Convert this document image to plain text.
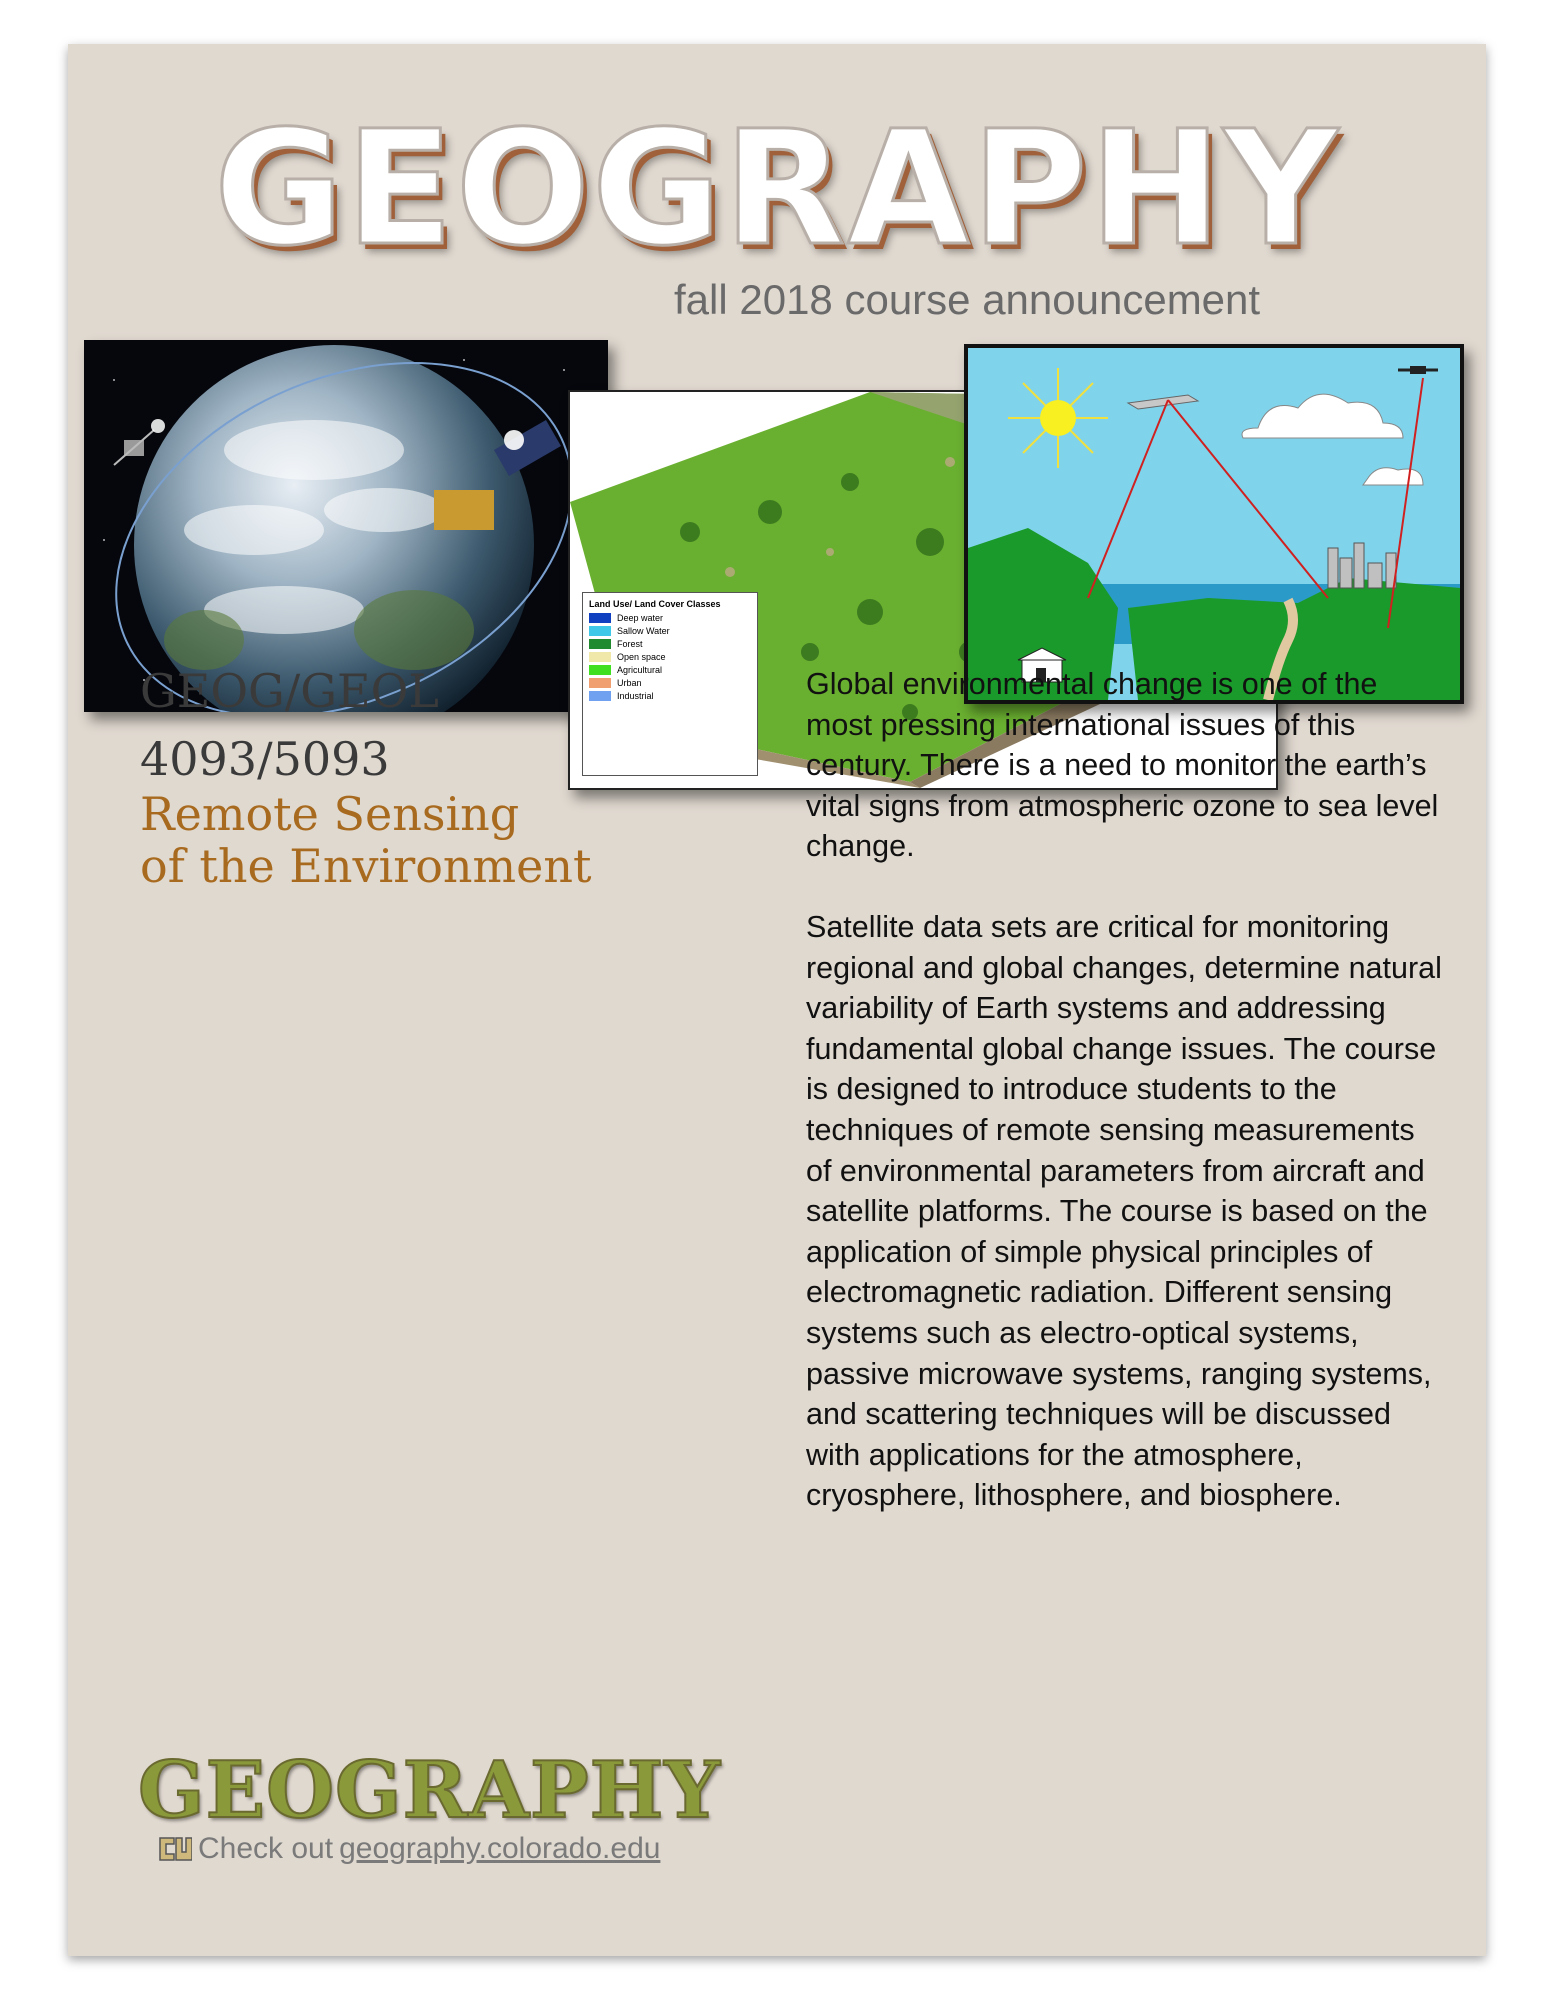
GEOGRAPHY
fall 2018 course announcement
Land Use/ Land Cover Classes
Deep water
Sallow Water
Forest
Open space
Agricultural
Urban
Industrial
GEOG/GEOL
4093/5093
Remote Sensing
of the Environment

Global environmental change is one of the most pressing international issues of this century. There is a need to monitor the earth’s vital signs from atmospheric ozone to sea level change.

Satellite data sets are critical for monitoring regional and global changes, determine natural variability of Earth systems and addressing fundamental global change issues. The course is designed to introduce students to the techniques of remote sensing measurements of environmental parameters from aircraft and satellite platforms. The course is based on the application of simple physical principles of electromagnetic radiation. Different sensing systems such as electro-optical systems, passive microwave systems, ranging systems, and scattering techniques will be discussed with applications for the atmosphere, cryosphere, lithosphere, and biosphere.

GEOGRAPHY
Check out geography.colorado.edu
